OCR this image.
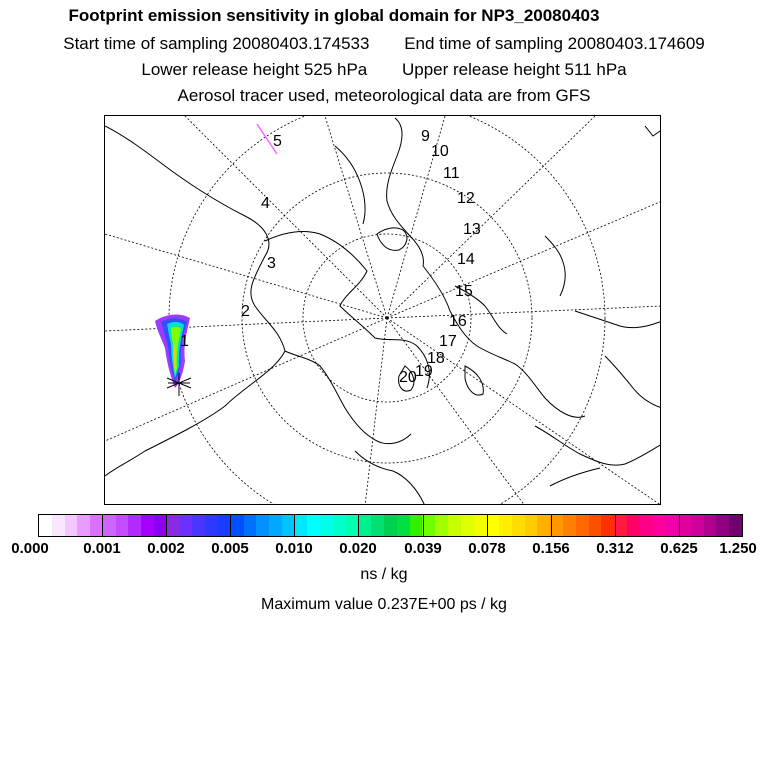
Footprint emission sensitivity in global domain for NP3_20080403
Start time of sampling 20080403.174533 End time of sampling 20080403.174609
Lower release height 525 hPa Upper release height 511 hPa
Aerosol tracer used, meteorological data are from GFS
1
2
3
4
5	9
10
11
12
13
14
15
16
17
18
19
20
0.000 0.001 0.002 0.005 0.010 0.020 0.039 0.078 0.156 0.312 0.625 1.250
ns / kg
Maximum value 0.237E+00 ps / kg
